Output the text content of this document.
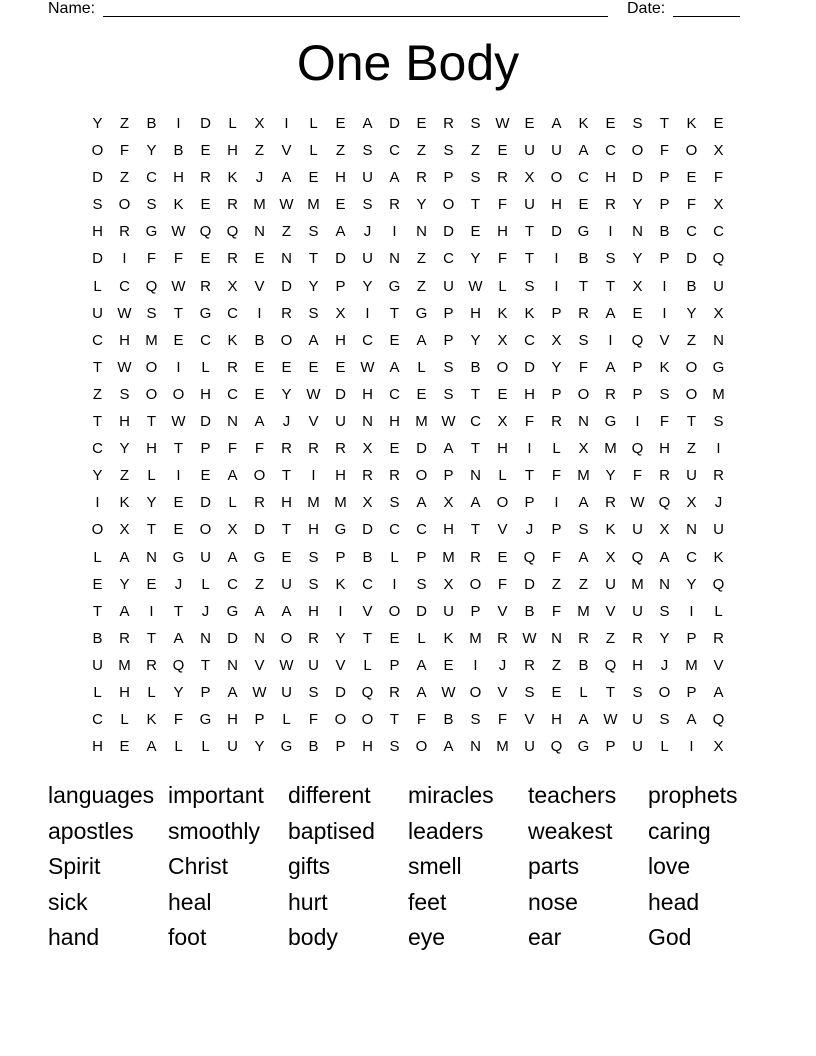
Name:	Date:
One Body
Y	Z	B	I	D	L	X	I	L	E	A	D	E	R	S W E	A	K	E	S	T	K	E
O	F	Y	B	E	H	Z	V	L	Z	S	C	Z	S	Z	E	U	U	A	C	O	F	O	X
D	Z	C	H	R	K	J	A	E	H	U	A	R	P	S	R	X	O	C	H	D	P	E	F
S	O	S	K	E	R	M W M	E	S	R	Y	O	T	F	U	H	E	R	Y	P	F	X
H	R	G W Q	Q	N	Z	S	A	J	I	N	D	E	H	T	D	G	I	N	B	C	C
D	I	F	F	E	R	E	N	T	D	U	N	Z	C	Y	F	T	I	B	S	Y	P	D	Q
L	C	Q W R	X	V	D	Y	P	Y	G	Z	U W	L	S	I	T	T	X	I	B	U
U W S	T	G	C	I	R	S	X	I	T	G	P	H	K	K	P	R	A	E	I	Y	X
C	H	M	E	C	K	B	O	A	H	C	E	A	P	Y	X	C	X	S	I	Q	V	Z	N
T	W O	I	L	R	E	E	E	E W A	L	S	B	O	D	Y	F	A	P	K	O	G
Z	S	O	O	H	C	E	Y W D	H	C	E	S	T	E	H	P	O	R	P	S	O M
T	H	T	W D	N	A	J	V	U	N	H	M W C	X	F	R	N	G	I	F	T	S
C	Y	H	T	P	F	F	R	R	R	X	E	D	A	T	H	I	L	X	M Q	H	Z	I
Y	Z	L	I	E	A	O	T	I	H	R	R	O	P	N	L	T	F	M	Y	F	R	U	R
I	K	Y	E	D	L	R	H	M M	X	S	A	X	A	O	P	I	A	R W Q	X	J
O	X	T	E	O	X	D	T	H	G	D	C	C	H	T	V	J	P	S	K	U	X	N	U
L	A	N	G	U	A	G	E	S	P	B	L	P	M	R	E	Q	F	A	X	Q	A	C	K
E	Y	E	J	L	C	Z	U	S	K	C	I	S	X	O	F	D	Z	Z	U	M	N	Y	Q
T	A	I	T	J	G	A	A	H	I	V	O	D	U	P	V	B	F	M	V	U	S	I	L
B	R	T	A	N	D	N	O	R	Y	T	E	L	K	M	R W N	R	Z	R	Y	P	R
U	M	R	Q	T	N	V W U	V	L	P	A	E	I	J	R	Z	B	Q	H	J	M	V
L	H	L	Y	P	A W U	S	D	Q	R	A W O	V	S	E	L	T	S	O	P	A
C	L	K	F	G	H	P	L	F	O	O	T	F	B	S	F	V	H	A W U	S	A	Q
H	E	A	L	L	U	Y	G	B	P	H	S	O	A	N	M	U	Q	G	P	U	L	I	X
languages important	different	miracles	teachers	prophets
apostles	smoothly	baptised	leaders	weakest	caring
Spirit	Christ	gifts	smell	parts	love
sick	heal	hurt	feet	nose	head
hand	foot	body	eye	ear	God
